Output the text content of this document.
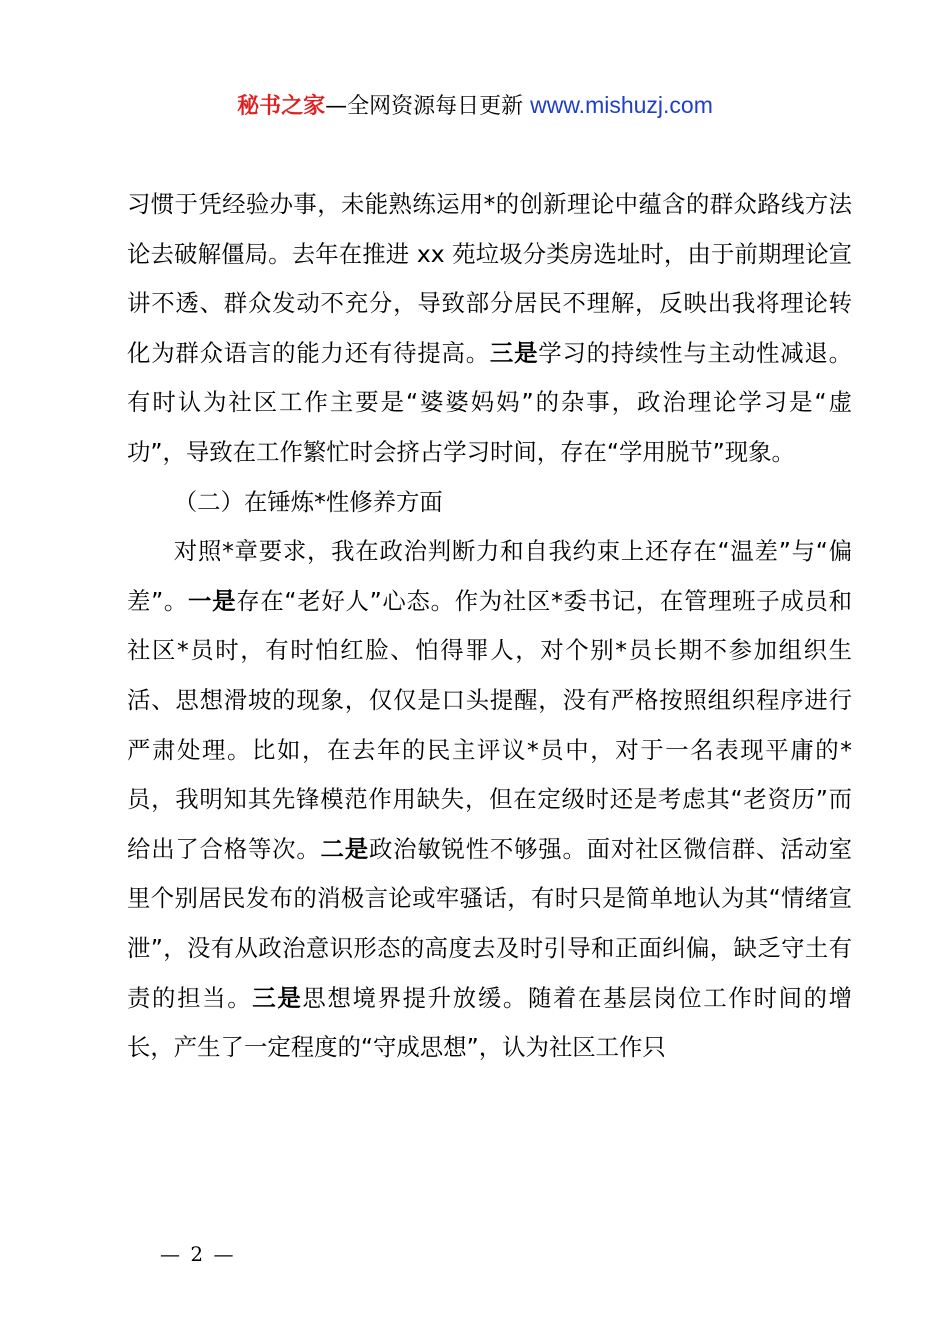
秘书之家—全网资源每日更新 www.mishuzj.com

习惯于凭经验办事，未能熟练运用*的创新理论中蕴含的群众路线方法论去破解僵局。去年在推进 xx 苑垃圾分类房选址时，由于前期理论宣讲不透、群众发动不充分，导致部分居民不理解，反映出我将理论转化为群众语言的能力还有待提高。三是学习的持续性与主动性减退。有时认为社区工作主要是“婆婆妈妈”的杂事，政治理论学习是“虚功”，导致在工作繁忙时会挤占学习时间，存在“学用脱节”现象。

（二）在锤炼*性修养方面

对照*章要求，我在政治判断力和自我约束上还存在“温差”与“偏差”。一是存在“老好人”心态。作为社区*委书记，在管理班子成员和社区*员时，有时怕红脸、怕得罪人，对个别*员长期不参加组织生活、思想滑坡的现象，仅仅是口头提醒，没有严格按照组织程序进行严肃处理。比如，在去年的民主评议*员中，对于一名表现平庸的*员，我明知其先锋模范作用缺失，但在定级时还是考虑其“老资历”而给出了合格等次。二是政治敏锐性不够强。面对社区微信群、活动室里个别居民发布的消极言论或牢骚话，有时只是简单地认为其“情绪宣泄”，没有从政治意识形态的高度去及时引导和正面纠偏，缺乏守土有责的担当。三是思想境界提升放缓。随着在基层岗位工作时间的增长，产生了一定程度的“守成思想”，认为社区工作只

— 2 —
